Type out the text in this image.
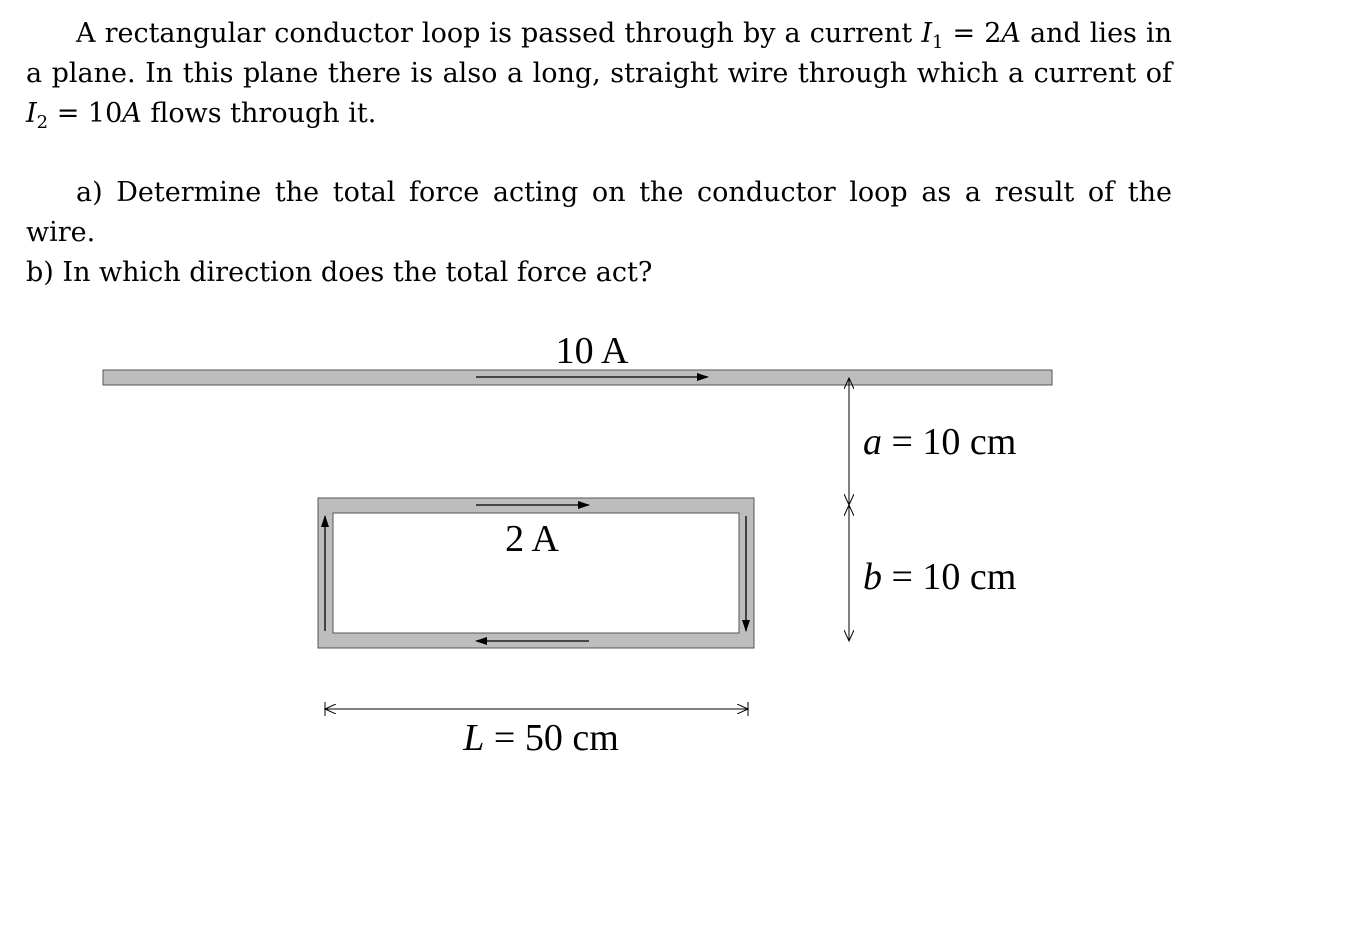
A rectangular conductor loop is passed through by a current $I_1 = 2A$ and lies in a plane. In this plane there is also a long, straight wire through which a current of $I_2 = 10A$ flows through it.

a) Determine the total force acting on the conductor loop as a result of the wire.

b) In which direction does the total force act?

10 A
2 A
a = 10 cm
b = 10 cm
L = 50 cm
